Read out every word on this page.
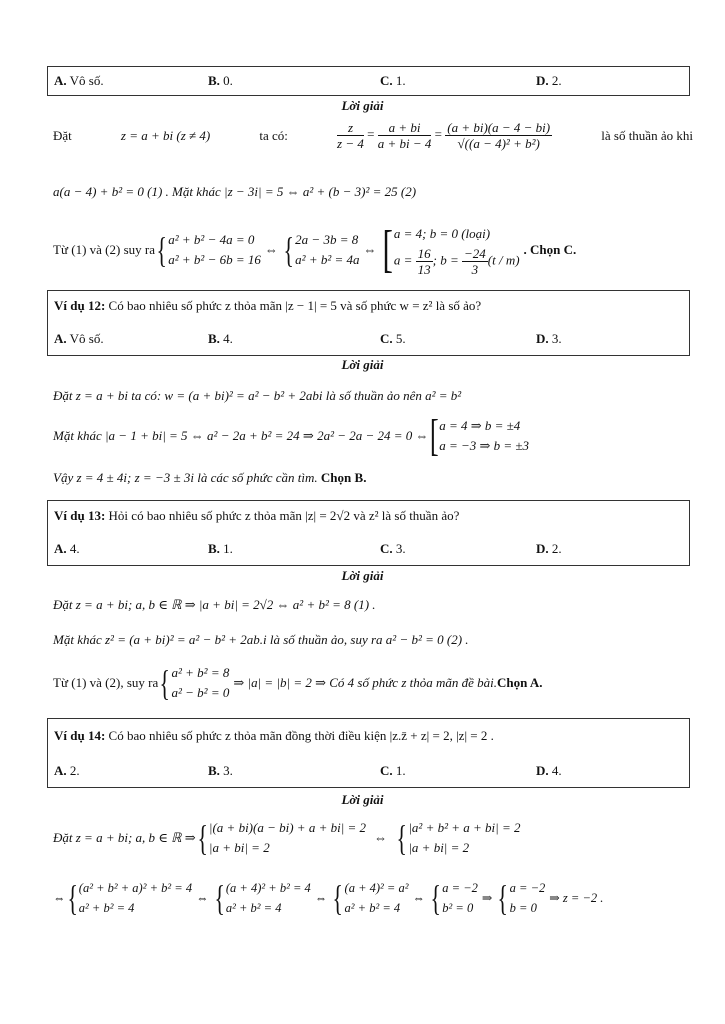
A. Vô số.	B. 0.	C. 1.	D. 2.
Lời giải
Đặt	z = a + bi (z ≠ 4)	ta có:	$\frac{z}{z - 4} = \frac{a + bi}{a + bi - 4} = \frac{(a + bi)(a - 4 - bi)}{\text{√((a − 4)² + b²)}}$	là số thuần ảo khi
a(a − 4) + b² = 0 (1) . Mặt khác |z − 3i| = 5 ⇔ a² + (b − 3)² = 25 (2)
Từ (1) và (2) suy ra { a² + b² − 4a = 0
a² + b² − 6b = 16
⇔ { 2a − 3b = 8
a² + b² = 4a
⇔ [ a = 4; b = 0 (loại)
$a = \frac{16}{13}$ ; $b = \frac{-24}{3} (t / m)$
. Chọn C.
Ví dụ 12: Có bao nhiêu số phức z thỏa mãn |z − 1| = 5 và số phức w = z² là số ảo?
A. Vô số.	B. 4.	C. 5.	D. 3.
Lời giải
Đặt z = a + bi ta có: w = (a + bi)² = a² − b² + 2abi là số thuần ảo nên a² = b²
Mặt khác |a − 1 + bi| = 5 ⇔ a² − 2a + b² = 24 ⇒ 2a² − 2a − 24 = 0 ⇔ [ a = 4 ⇒ b = ±4
a = −3 ⇒ b = ±3
Vậy z = 4 ± 4i; z = −3 ± 3i là các số phức cần tìm. Chọn B.
Ví dụ 13: Hỏi có bao nhiêu số phức z thỏa mãn |z| = 2√2 và z² là số thuần ảo?
A. 4.	B. 1.	C. 3.	D. 2.
Lời giải
Đặt z = a + bi; a, b ∈ ℝ ⇒ |a + bi| = 2√2 ⇔ a² + b² = 8 (1) .
Mặt khác z² = (a + bi)² = a² − b² + 2ab.i là số thuần ảo, suy ra a² − b² = 0 (2) .
Từ (1) và (2), suy ra { a² + b² = 8
a² − b² = 0
⇒ |a| = |b| = 2 ⇒ Có 4 số phức z thỏa mãn đề bài. Chọn A.
Ví dụ 14: Có bao nhiêu số phức z thỏa mãn đồng thời điều kiện |z.z̄ + z| = 2, |z| = 2 .
A. 2.	B. 3.	C. 1.	D. 4.
Lời giải
Đặt z = a + bi; a, b ∈ ℝ ⇒ { |(a + bi)(a − bi) + a + bi| = 2
|a + bi| = 2
⇔ { |a² + b² + a + bi| = 2
|a + bi| = 2
⇔ { (a² + b² + a)² + b² = 4
a² + b² = 4
⇔ { (a + 4)² + b² = 4
a² + b² = 4
⇔ { (a + 4)² = a²
a² + b² = 4
⇔ { a = −2
b² = 0
⇒ { a = −2
b = 0
⇒ z = −2 .
